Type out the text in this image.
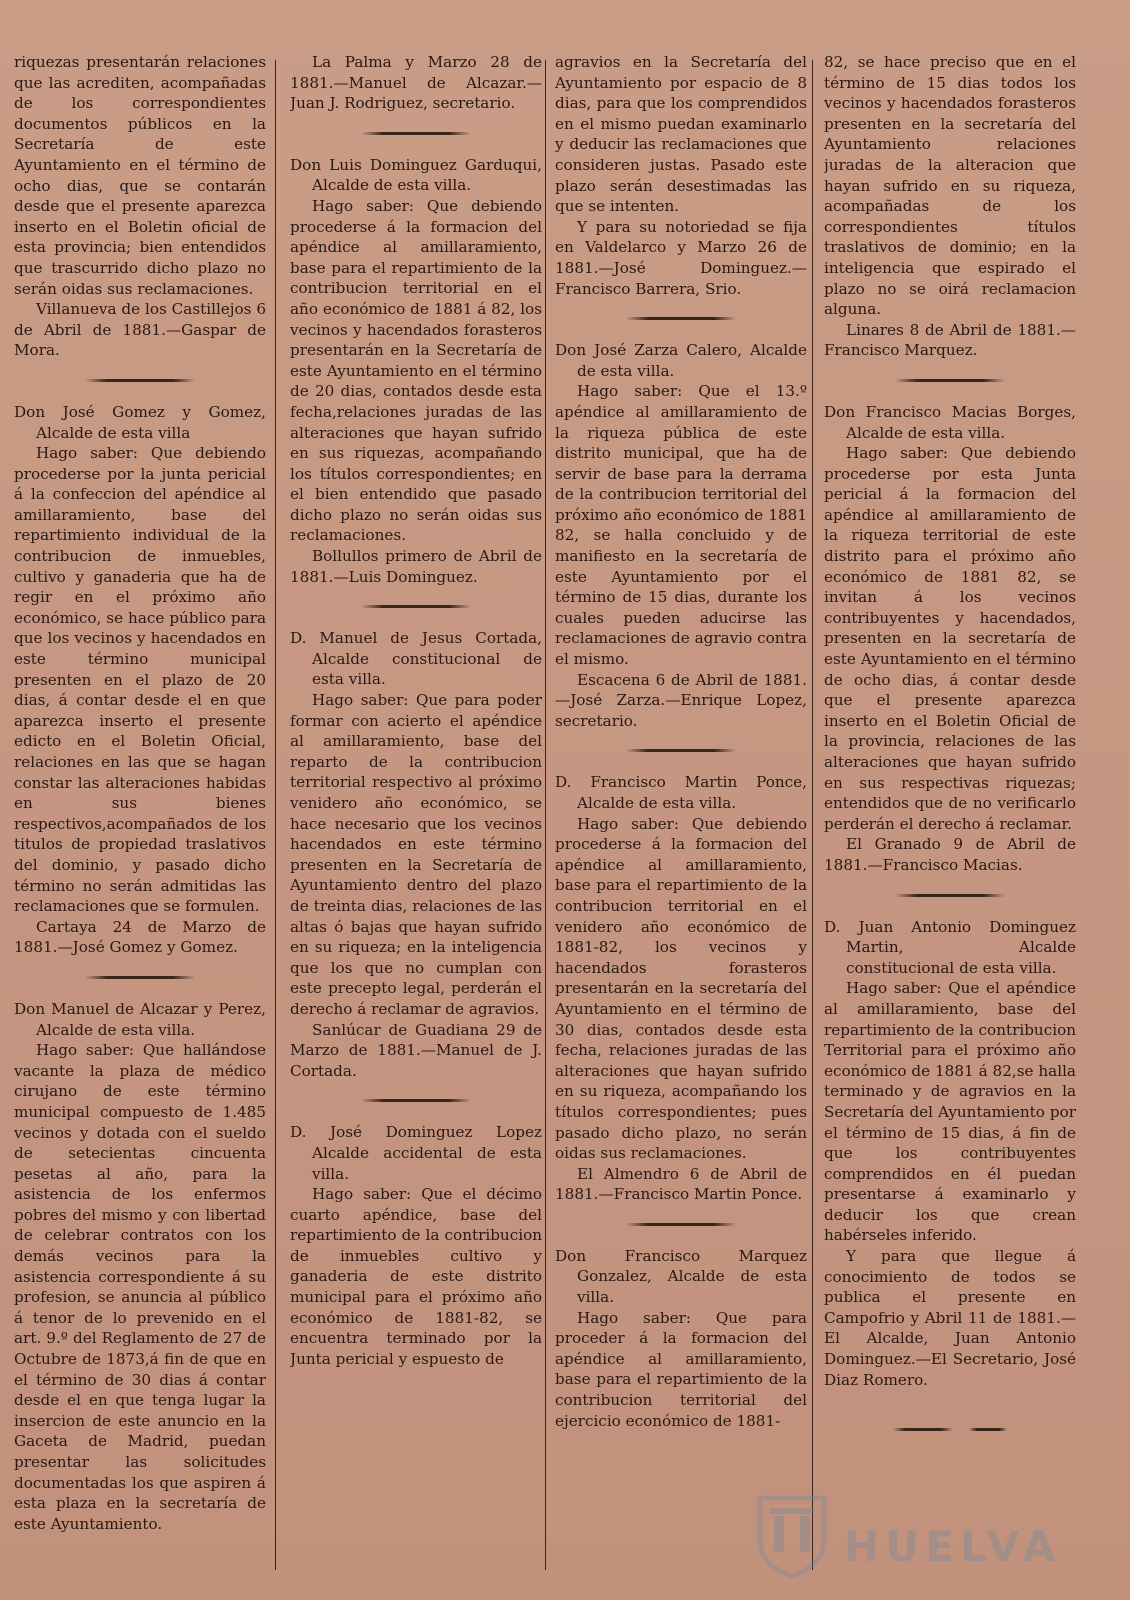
riquezas presentarán relaciones que las acrediten, acompañadas de los correspondientes documentos públicos en la Secretaría de este Ayuntamiento en el término de ocho dias, que se contarán desde que el presente aparezca inserto en el Boletin oficial de esta provincia; bien entendidos que trascurrido dicho plazo no serán oidas sus reclamaciones.

Villanueva de los Castillejos 6 de Abril de 1881.—Gaspar de Mora.

Don José Gomez y Gomez, Alcalde de esta villa

Hago saber: Que debiendo procederse por la junta pericial á la confeccion del apéndice al amillaramiento, base del repartimiento individual de la contribucion de inmuebles, cultivo y ganaderia que ha de regir en el próximo año económico, se hace público para que los vecinos y hacendados en este término municipal presenten en el plazo de 20 dias, á contar desde el en que aparezca inserto el presente edicto en el Boletin Oficial, relaciones en las que se hagan constar las alteraciones habidas en sus bienes respectivos,acompañados de los titulos de propiedad traslativos del dominio, y pasado dicho término no serán admitidas las reclamaciones que se formulen.

Cartaya 24 de Marzo de 1881.—José Gomez y Gomez.

Don Manuel de Alcazar y Perez, Alcalde de esta villa.

Hago saber: Que hallándose vacante la plaza de médico cirujano de este término municipal compuesto de 1.485 vecinos y dotada con el sueldo de setecientas cincuenta pesetas al año, para la asistencia de los enfermos pobres del mismo y con libertad de celebrar contratos con los demás vecinos para la asistencia correspondiente á su profesion, se anuncia al público á tenor de lo prevenido en el art. 9.º del Reglamento de 27 de Octubre de 1873,á fin de que en el término de 30 dias á contar desde el en que tenga lugar la insercion de este anuncio en la Gaceta de Madrid, puedan presentar las solicitudes documentadas los que aspiren á esta plaza en la secretaría de este Ayuntamiento.

La Palma y Marzo 28 de 1881.—Manuel de Alcazar.—Juan J. Rodriguez, secretario.

Don Luis Dominguez Garduqui, Alcalde de esta villa.

Hago saber: Que debiendo procederse á la formacion del apéndice al amillaramiento, base para el repartimiento de la contribucion territorial en el año económico de 1881 á 82, los vecinos y hacendados forasteros presentarán en la Secretaría de este Ayuntamiento en el término de 20 dias, contados desde esta fecha,relaciones juradas de las alteraciones que hayan sufrido en sus riquezas, acompañando los títulos correspondientes; en el bien entendido que pasado dicho plazo no serán oidas sus reclamaciones.

Bollullos primero de Abril de 1881.—Luis Dominguez.

D. Manuel de Jesus Cortada, Alcalde constitucional de esta villa.

Hago saber: Que para poder formar con acierto el apéndice al amillaramiento, base del reparto de la contribucion territorial respectivo al próximo venidero año económico, se hace necesario que los vecinos hacendados en este término presenten en la Secretaría de Ayuntamiento dentro del plazo de treinta dias, relaciones de las altas ó bajas que hayan sufrido en su riqueza; en la inteligencia que los que no cumplan con este precepto legal, perderán el derecho á reclamar de agravios.

Sanlúcar de Guadiana 29 de Marzo de 1881.—Manuel de J. Cortada.

D. José Dominguez Lopez Alcalde accidental de esta villa.

Hago saber: Que el décimo cuarto apéndice, base del repartimiento de la contribucion de inmuebles cultivo y ganaderia de este distrito municipal para el próximo año económico de 1881-82, se encuentra terminado por la Junta pericial y espuesto de

agravios en la Secretaría del Ayuntamiento por espacio de 8 dias, para que los comprendidos en el mismo puedan examinarlo y deducir las reclamaciones que consideren justas. Pasado este plazo serán desestimadas las que se intenten.

Y para su notoriedad se fija en Valdelarco y Marzo 26 de 1881.—José Dominguez.—Francisco Barrera, Srio.

Don José Zarza Calero, Alcalde de esta villa.

Hago saber: Que el 13.º apéndice al amillaramiento de la riqueza pública de este distrito municipal, que ha de servir de base para la derrama de la contribucion territorial del próximo año económico de 1881 82, se halla concluido y de manifiesto en la secretaría de este Ayuntamiento por el término de 15 dias, durante los cuales pueden aducirse las reclamaciones de agravio contra el mismo.

Escacena 6 de Abril de 1881.—José Zarza.—Enrique Lopez, secretario.

D. Francisco Martin Ponce, Alcalde de esta villa.

Hago saber: Que debiendo procederse á la formacion del apéndice al amillaramiento, base para el repartimiento de la contribucion territorial en el venidero año económico de 1881-82, los vecinos y hacendados forasteros presentarán en la secretaría del Ayuntamiento en el término de 30 dias, contados desde esta fecha, relaciones juradas de las alteraciones que hayan sufrido en su riqueza, acompañando los títulos correspondientes; pues pasado dicho plazo, no serán oidas sus reclamaciones.

El Almendro 6 de Abril de 1881.—Francisco Martin Ponce.

Don Francisco Marquez Gonzalez, Alcalde de esta villa.

Hago saber: Que para proceder á la formacion del apéndice al amillaramiento, base para el repartimiento de la contribucion territorial del ejercicio económico de 1881-

82, se hace preciso que en el término de 15 dias todos los vecinos y hacendados forasteros presenten en la secretaría del Ayuntamiento relaciones juradas de la alteracion que hayan sufrido en su riqueza, acompañadas de los correspondientes títulos traslativos de dominio; en la inteligencia que espirado el plazo no se oirá reclamacion alguna.

Linares 8 de Abril de 1881.—Francisco Marquez.

Don Francisco Macias Borges, Alcalde de esta villa.

Hago saber: Que debiendo procederse por esta Junta pericial á la formacion del apéndice al amillaramiento de la riqueza territorial de este distrito para el próximo año económico de 1881 82, se invitan á los vecinos contribuyentes y hacendados, presenten en la secretaría de este Ayuntamiento en el término de ocho dias, á contar desde que el presente aparezca inserto en el Boletin Oficial de la provincia, relaciones de las alteraciones que hayan sufrido en sus respectivas riquezas; entendidos que de no verificarlo perderán el derecho á reclamar.

El Granado 9 de Abril de 1881.—Francisco Macias.

D. Juan Antonio Dominguez Martin, Alcalde constitucional de esta villa.

Hago saber: Que el apéndice al amillaramiento, base del repartimiento de la contribucion Territorial para el próximo año económico de 1881 á 82,se halla terminado y de agravios en la Secretaría del Ayuntamiento por el término de 15 dias, á fin de que los contribuyentes comprendidos en él puedan presentarse á examinarlo y deducir los que crean habérseles inferido.

Y para que llegue á conocimiento de todos se publica el presente en Campofrio y Abril 11 de 1881.—El Alcalde, Juan Antonio Dominguez.—El Secretario, José Diaz Romero.

HUELVA
